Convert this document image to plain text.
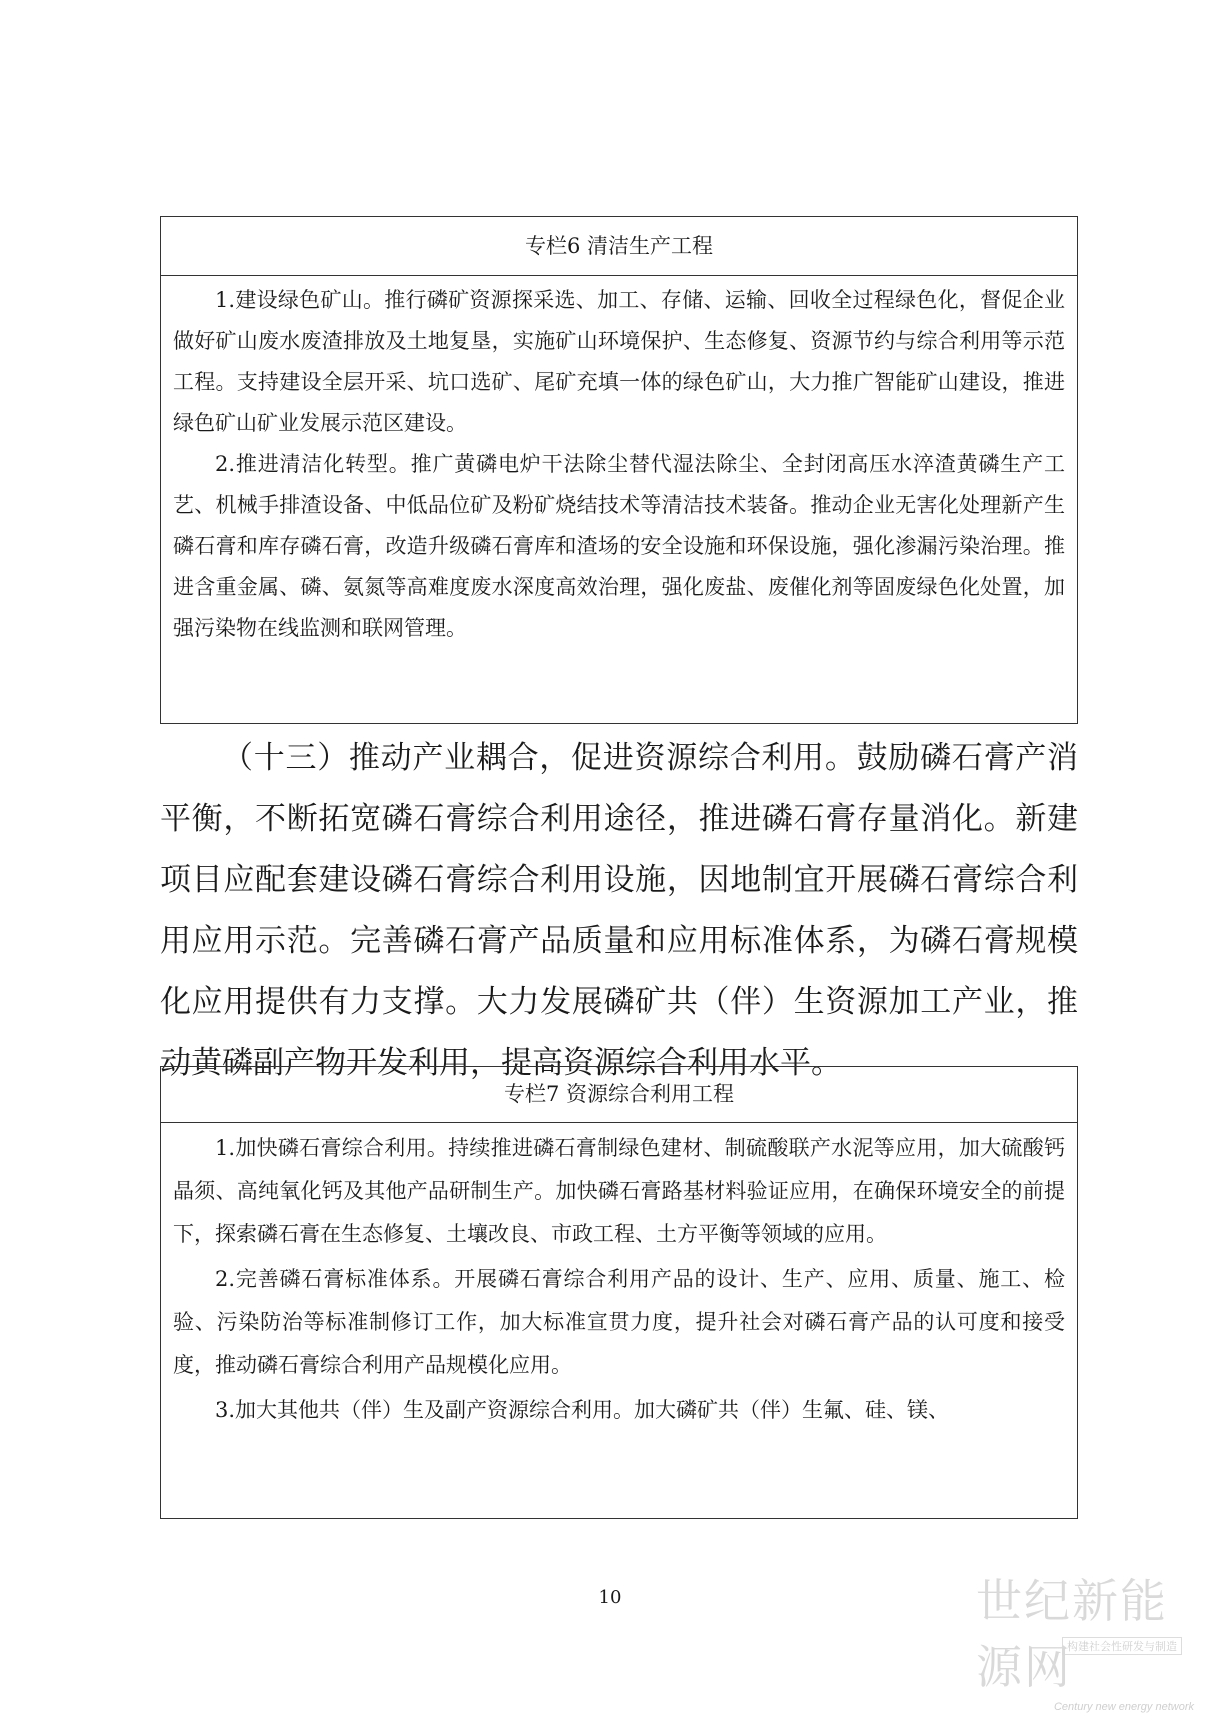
专栏6 清洁生产工程

1.建设绿色矿山。推行磷矿资源探采选、加工、存储、运输、回收全过程绿色化，督促企业做好矿山废水废渣排放及土地复垦，实施矿山环境保护、生态修复、资源节约与综合利用等示范工程。支持建设全层开采、坑口选矿、尾矿充填一体的绿色矿山，大力推广智能矿山建设，推进绿色矿山矿业发展示范区建设。

2.推进清洁化转型。推广黄磷电炉干法除尘替代湿法除尘、全封闭高压水淬渣黄磷生产工艺、机械手排渣设备、中低品位矿及粉矿烧结技术等清洁技术装备。推动企业无害化处理新产生磷石膏和库存磷石膏，改造升级磷石膏库和渣场的安全设施和环保设施，强化渗漏污染治理。推进含重金属、磷、氨氮等高难度废水深度高效治理，强化废盐、废催化剂等固废绿色化处置，加强污染物在线监测和联网管理。

（十三）推动产业耦合，促进资源综合利用。鼓励磷石膏产消平衡，不断拓宽磷石膏综合利用途径，推进磷石膏存量消化。新建项目应配套建设磷石膏综合利用设施，因地制宜开展磷石膏综合利用应用示范。完善磷石膏产品质量和应用标准体系，为磷石膏规模化应用提供有力支撑。大力发展磷矿共（伴）生资源加工产业，推动黄磷副产物开发利用，提高资源综合利用水平。

专栏7 资源综合利用工程

1.加快磷石膏综合利用。持续推进磷石膏制绿色建材、制硫酸联产水泥等应用，加大硫酸钙晶须、高纯氧化钙及其他产品研制生产。加快磷石膏路基材料验证应用，在确保环境安全的前提下，探索磷石膏在生态修复、土壤改良、市政工程、土方平衡等领域的应用。

2.完善磷石膏标准体系。开展磷石膏综合利用产品的设计、生产、应用、质量、施工、检验、污染防治等标准制修订工作，加大标准宣贯力度，提升社会对磷石膏产品的认可度和接受度，推动磷石膏综合利用产品规模化应用。

3.加大其他共（伴）生及副产资源综合利用。加大磷矿共（伴）生氟、硅、镁、

10
构建社会性研发与制造
世纪新能源网
Century new energy network
